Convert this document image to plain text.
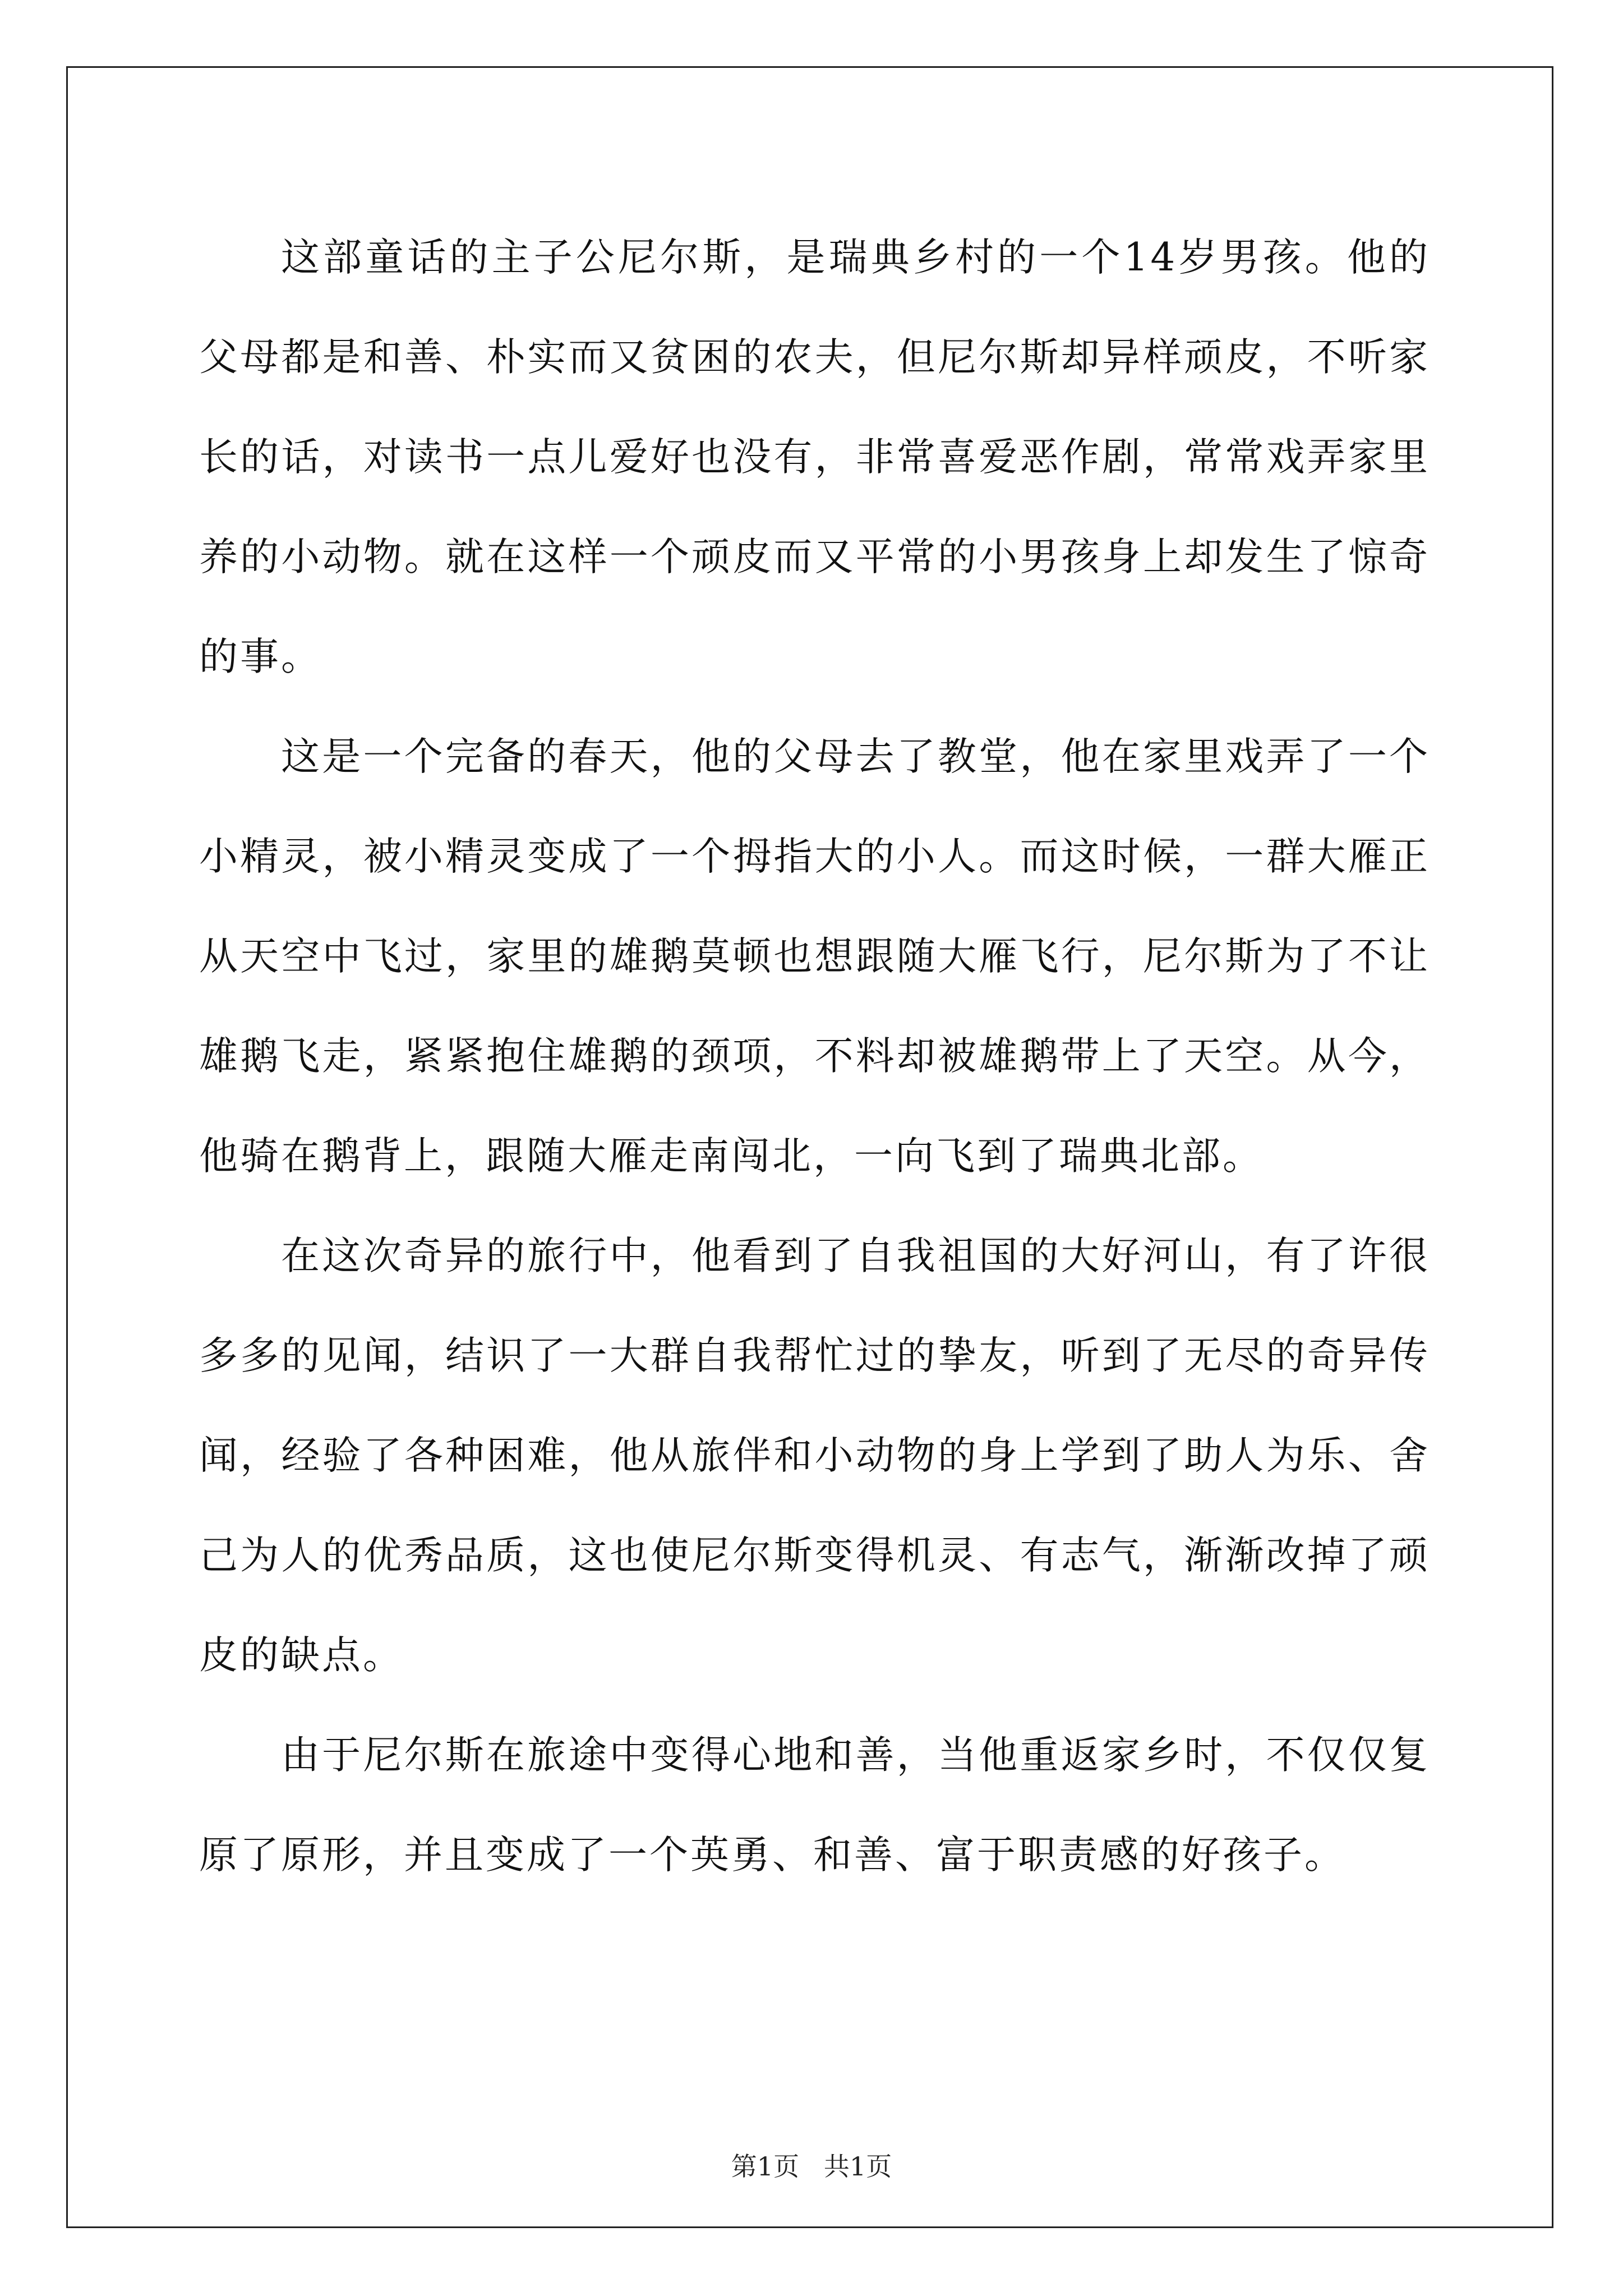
这部童话的主子公尼尔斯，是瑞典乡村的一个14岁男孩。他的父母都是和善、朴实而又贫困的农夫，但尼尔斯却异样顽皮，不听家长的话，对读书一点儿爱好也没有，非常喜爱恶作剧，常常戏弄家里养的小动物。就在这样一个顽皮而又平常的小男孩身上却发生了惊奇的事。

这是一个完备的春天，他的父母去了教堂，他在家里戏弄了一个小精灵，被小精灵变成了一个拇指大的小人。而这时候，一群大雁正从天空中飞过，家里的雄鹅莫顿也想跟随大雁飞行，尼尔斯为了不让雄鹅飞走，紧紧抱住雄鹅的颈项，不料却被雄鹅带上了天空。从今，他骑在鹅背上，跟随大雁走南闯北，一向飞到了瑞典北部。

在这次奇异的旅行中，他看到了自我祖国的大好河山，有了许很多多的见闻，结识了一大群自我帮忙过的挚友，听到了无尽的奇异传闻，经验了各种困难，他从旅伴和小动物的身上学到了助人为乐、舍己为人的优秀品质，这也使尼尔斯变得机灵、有志气，渐渐改掉了顽皮的缺点。

由于尼尔斯在旅途中变得心地和善，当他重返家乡时，不仅仅复原了原形，并且变成了一个英勇、和善、富于职责感的好孩子。

第1页   共1页
